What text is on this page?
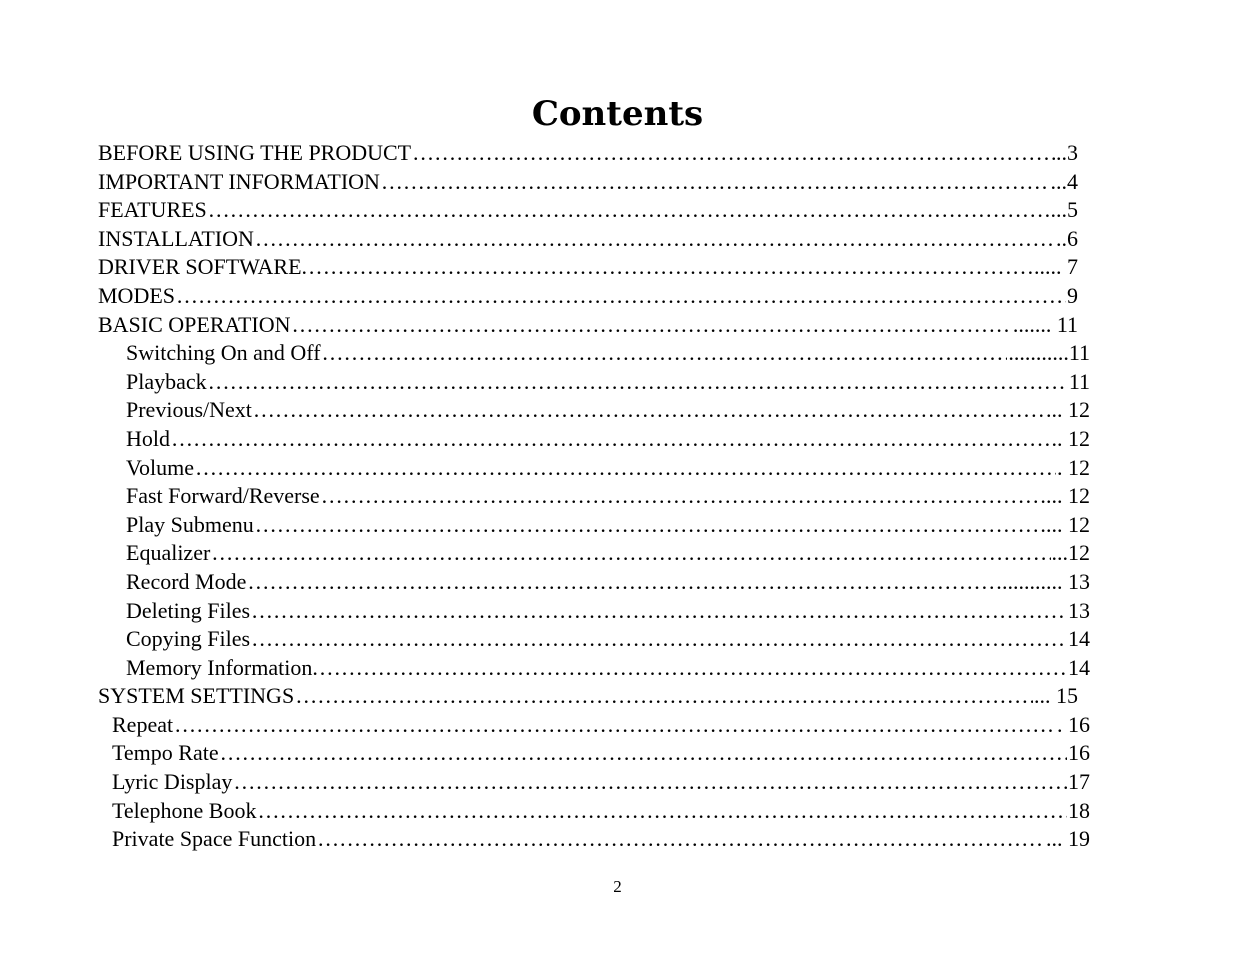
Contents
BEFORE USING THE PRODUCT ……………………………………………………………………………………………………………………………………………………………………………………………	..3
IMPORTANT INFORMATION ……………………………………………………………………………………………………………………………………………………………………………………………	...4
FEATURES ……………………………………………………………………………………………………………………………………………………………………………………………	...5
INSTALLATION ……………………………………………………………………………………………………………………………………………………………………………………………	..6
DRIVER SOFTWARE. ……………………………………………………………………………………………………………………………………………………………………………………………	..... 7
MODES ……………………………………………………………………………………………………………………………………………………………………………………………	9
BASIC OPERATION ……………………………………………………………………………………………………………………………………………………………………………………………	....... 11
Switching On and Off ……………………………………………………………………………………………………………………………………………………………………………………………	...........11
Playback ……………………………………………………………………………………………………………………………………………………………………………………………	11
Previous/Next ……………………………………………………………………………………………………………………………………………………………………………………………	... 12
Hold ……………………………………………………………………………………………………………………………………………………………………………………………	.. 12
Volume ……………………………………………………………………………………………………………………………………………………………………………………………	. 12
Fast Forward/Reverse ……………………………………………………………………………………………………………………………………………………………………………………………	... 12
Play Submenu ……………………………………………………………………………………………………………………………………………………………………………………………	... 12
Equalizer ……………………………………………………………………………………………………………………………………………………………………………………………	...12
Record Mode ……………………………………………………………………………………………………………………………………………………………………………………………	........... 13
Deleting Files ……………………………………………………………………………………………………………………………………………………………………………………………	13
Copying Files ……………………………………………………………………………………………………………………………………………………………………………………………	14
Memory Information. ……………………………………………………………………………………………………………………………………………………………………………………………	14
SYSTEM SETTINGS ……………………………………………………………………………………………………………………………………………………………………………………………	... 15
Repeat ……………………………………………………………………………………………………………………………………………………………………………………………	. 16
Tempo Rate ……………………………………………………………………………………………………………………………………………………………………………………………	16
Lyric Display ……………………………………………………………………………………………………………………………………………………………………………………………	17
Telephone Book ……………………………………………………………………………………………………………………………………………………………………………………………	18
Private Space Function ……………………………………………………………………………………………………………………………………………………………………………………………	... 19
2
